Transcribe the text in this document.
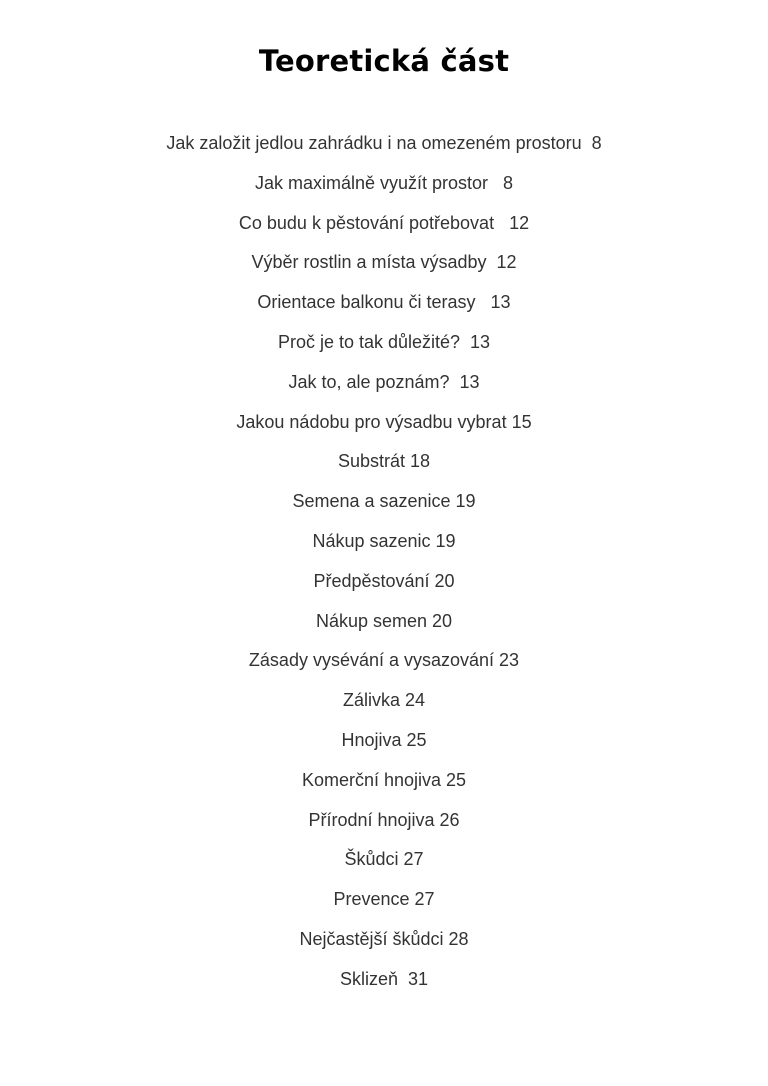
Teoretická část
Jak založit jedlou zahrádku i na omezeném prostoru  8
Jak maximálně využít prostor   8
Co budu k pěstování potřebovat   12
Výběr rostlin a místa výsadby  12
Orientace balkonu či terasy   13
Proč je to tak důležité?  13
Jak to, ale poznám?  13
Jakou nádobu pro výsadbu vybrat 15
Substrát 18
Semena a sazenice 19
Nákup sazenic 19
Předpěstování 20
Nákup semen 20
Zásady vysévání a vysazování 23
Zálivka 24
Hnojiva 25
Komerční hnojiva 25
Přírodní hnojiva 26
Škůdci 27
Prevence 27
Nejčastější škůdci 28
Sklizeň  31
